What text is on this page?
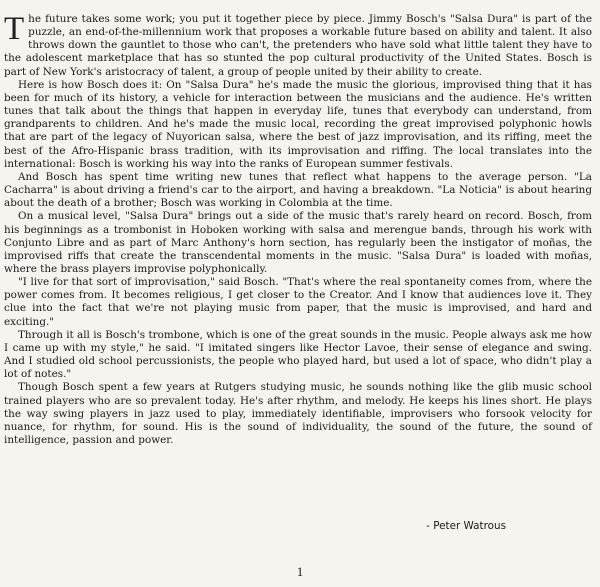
The future takes some work; you put it together piece by piece. Jimmy Bosch's "Salsa Dura" is part of the puzzle, an end-of-the-millennium work that proposes a workable future based on ability and talent. It also throws down the gauntlet to those who can't, the pretenders who have sold what little talent they have to the adolescent marketplace that has so stunted the pop cultural productivity of the United States. Bosch is part of New York's aristocracy of talent, a group of people united by their ability to create.

Here is how Bosch does it: On "Salsa Dura" he's made the music the glorious, improvised thing that it has been for much of its history, a vehicle for interaction between the musicians and the audience. He's written tunes that talk about the things that happen in everyday life, tunes that everybody can understand, from grandparents to children. And he's made the music local, recording the great improvised polyphonic howls that are part of the legacy of Nuyorican salsa, where the best of jazz improvisation, and its riffing, meet the best of the Afro-Hispanic brass tradition, with its improvisation and riffing. The local translates into the international: Bosch is working his way into the ranks of European summer festivals.

And Bosch has spent time writing new tunes that reflect what happens to the average person. "La Cacharra" is about driving a friend's car to the airport, and having a breakdown. "La Noticia" is about hearing about the death of a brother; Bosch was working in Colombia at the time.

On a musical level, "Salsa Dura" brings out a side of the music that's rarely heard on record. Bosch, from his beginnings as a trombonist in Hoboken working with salsa and merengue bands, through his work with Conjunto Libre and as part of Marc Anthony's horn section, has regularly been the instigator of moñas, the improvised riffs that create the transcendental moments in the music. "Salsa Dura" is loaded with moñas, where the brass players improvise polyphonically.

"I live for that sort of improvisation," said Bosch. "That's where the real spontaneity comes from, where the power comes from. It becomes religious, I get closer to the Creator. And I know that audiences love it. They clue into the fact that we're not playing music from paper, that the music is improvised, and hard and exciting."

Through it all is Bosch's trombone, which is one of the great sounds in the music. People always ask me how I came up with my style," he said. "I imitated singers like Hector Lavoe, their sense of elegance and swing. And I studied old school percussionists, the people who played hard, but used a lot of space, who didn't play a lot of notes."

Though Bosch spent a few years at Rutgers studying music, he sounds nothing like the glib music school trained players who are so prevalent today. He's after rhythm, and melody. He keeps his lines short. He plays the way swing players in jazz used to play, immediately identifiable, improvisers who forsook velocity for nuance, for rhythm, for sound. His is the sound of individuality, the sound of the future, the sound of intelligence, passion and power.

- Peter Watrous
1
